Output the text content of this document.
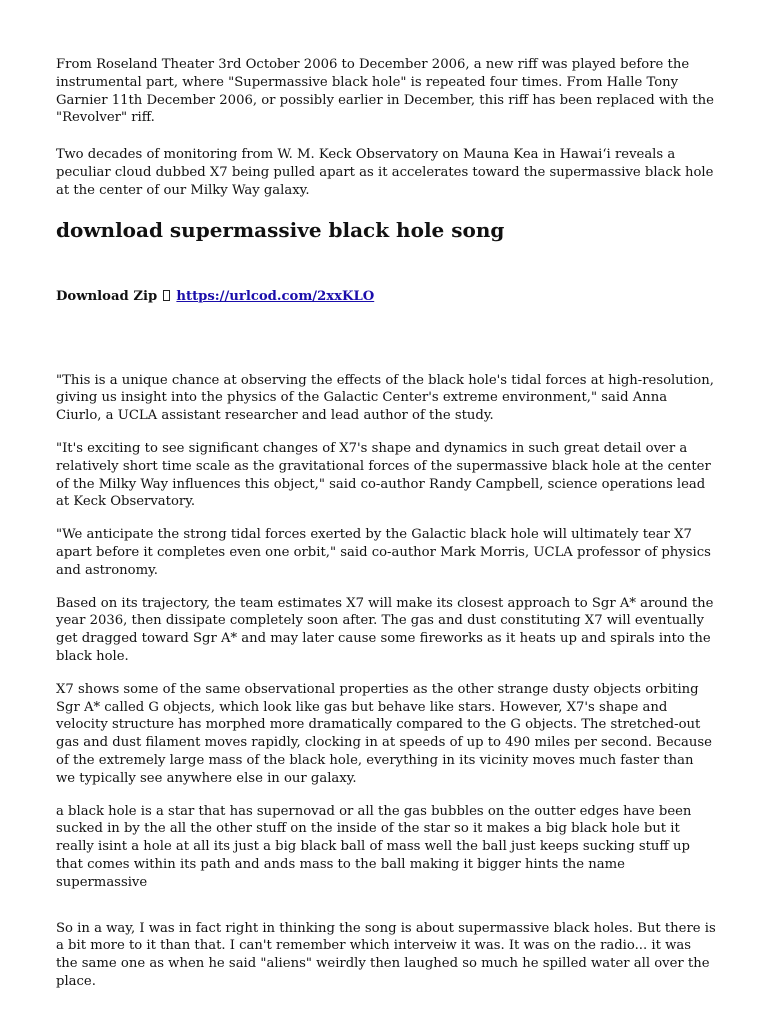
From Roseland Theater 3rd October 2006 to December 2006, a new riff was played before the instrumental part, where "Supermassive black hole" is repeated four times. From Halle Tony Garnier 11th December 2006, or possibly earlier in December, this riff has been replaced with the "Revolver" riff.

Two decades of monitoring from W. M. Keck Observatory on Mauna Kea in Hawaiʻi reveals a peculiar cloud dubbed X7 being pulled apart as it accelerates toward the supermassive black hole at the center of our Milky Way galaxy.

download supermassive black hole song
Download Zip https://urlcod.com/2xxKLO

"This is a unique chance at observing the effects of the black hole's tidal forces at high-resolution, giving us insight into the physics of the Galactic Center's extreme environment," said Anna Ciurlo, a UCLA assistant researcher and lead author of the study.

"It's exciting to see significant changes of X7's shape and dynamics in such great detail over a relatively short time scale as the gravitational forces of the supermassive black hole at the center of the Milky Way influences this object," said co-author Randy Campbell, science operations lead at Keck Observatory.

"We anticipate the strong tidal forces exerted by the Galactic black hole will ultimately tear X7 apart before it completes even one orbit," said co-author Mark Morris, UCLA professor of physics and astronomy.

Based on its trajectory, the team estimates X7 will make its closest approach to Sgr A* around the year 2036, then dissipate completely soon after. The gas and dust constituting X7 will eventually get dragged toward Sgr A* and may later cause some fireworks as it heats up and spirals into the black hole.

X7 shows some of the same observational properties as the other strange dusty objects orbiting Sgr A* called G objects, which look like gas but behave like stars. However, X7's shape and velocity structure has morphed more dramatically compared to the G objects. The stretched-out gas and dust filament moves rapidly, clocking in at speeds of up to 490 miles per second. Because of the extremely large mass of the black hole, everything in its vicinity moves much faster than we typically see anywhere else in our galaxy.

a black hole is a star that has supernovad or all the gas bubbles on the outter edges have been sucked in by the all the other stuff on the inside of the star so it makes a big black hole but it really isint a hole at all its just a big black ball of mass well the ball just keeps sucking stuff up that comes within its path and ands mass to the ball making it bigger hints the name supermassive

So in a way, I was in fact right in thinking the song is about supermassive black holes. But there is a bit more to it than that. I can't remember which interveiw it was. It was on the radio... it was the same one as when he said "aliens" weirdly then laughed so much he spilled water all over the place.
